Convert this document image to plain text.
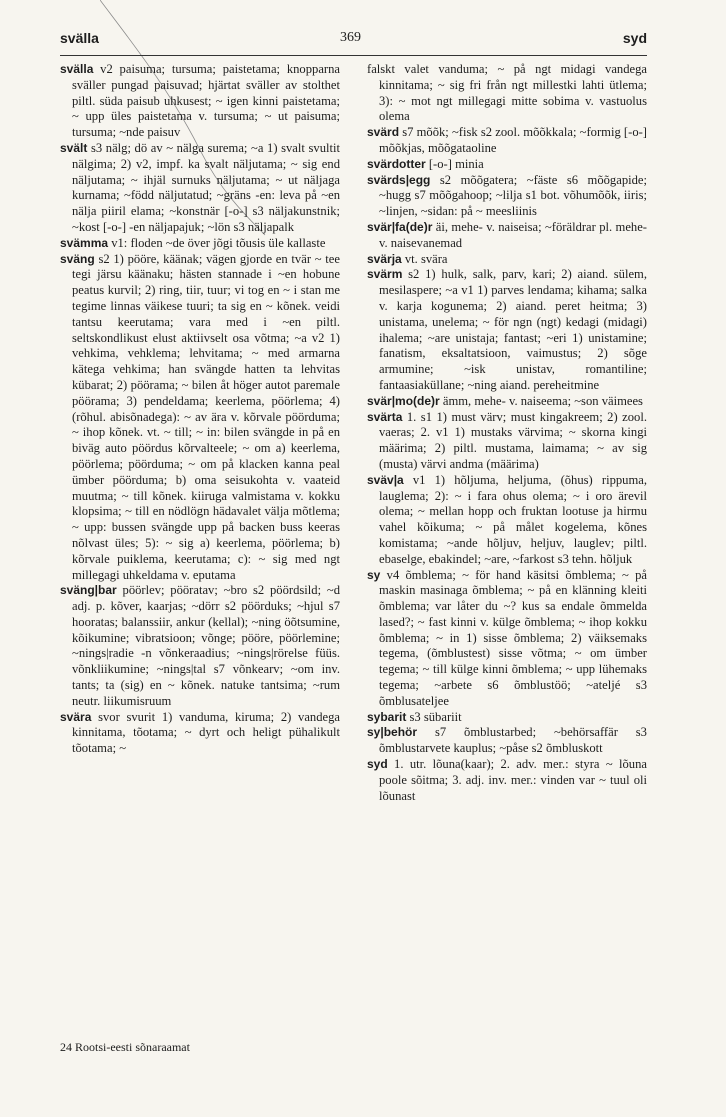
svälla	369	syd

svälla v2 paisuma; tursuma; paistetama; knopparna sväller pungad paisuvad; hjärtat sväller av stolthet piltl. süda paisub uhkusest; ~ igen kinni paistetama; ~ upp üles paistetama v. tursuma; ~ ut paisuma; tursuma; ~nde paisuv

svält s3 nälg; dö av ~ nälga surema; ~a 1) svalt svultit nälgima; 2) v2, impf. ka svalt näljutama; ~ sig end näljutama; ~ ihjäl surnuks näljutama; ~ ut näljaga kurnama; ~född näljutatud; ~gräns -en: leva på ~en nälja piiril elama; ~konstnär [-o-] s3 näljakunstnik; ~kost [-o-] -en näljapajuk; ~lön s3 näljapalk

svämma v1: floden ~de över jõgi tõusis üle kallaste

sväng s2 1) pööre, käänak; vägen gjorde en tvär ~ tee tegi järsu käänaku; hästen stannade i ~en hobune peatus kurvil; 2) ring, tiir, tuur; vi tog en ~ i stan me tegime linnas väikese tuuri; ta sig en ~ kõnek. veidi tantsu keerutama; vara med i ~en piltl. seltskondlikust elust aktiivselt osa võtma; ~a v2 1) vehkima, vehklema; lehvitama; ~ med armarna kätega vehkima; han svängde hatten ta lehvitas kübarat; 2) pöörama; ~ bilen åt höger autot paremale pöörama; 3) pendeldama; keerlema, pöörlema; 4) (rõhul. abisõnadega): ~ av ära v. kõrvale pöörduma; ~ ihop kõnek. vt. ~ till; ~ in: bilen svängde in på en biväg auto pöördus kõrvalteele; ~ om a) keerlema, pöörlema; pöörduma; ~ om på klacken kanna peal ümber pöörduma; b) oma seisukohta v. vaateid muutma; ~ till kõnek. kiiruga valmistama v. kokku klopsima; ~ till en nödlögn hädavalet välja mõtlema; ~ upp: bussen svängde upp på backen buss keeras nõlvast üles; 5): ~ sig a) keerlema, pöörlema; b) kõrvale puiklema, keerutama; c): ~ sig med ngt millegagi uhkeldama v. eputama

sväng|bar pöörlev; pööratav; ~bro s2 pöördsild; ~d adj. p. kõver, kaarjas; ~dörr s2 pöörduks; ~hjul s7 hooratas; balanssiir, ankur (kellal); ~ning öõtsumine, kõikumine; vibratsioon; võnge; pööre, pöörlemine; ~nings|radie -n võnkeraadius; ~nings|rörelse füüs. võnkliikumine; ~nings|tal s7 võnkearv; ~om inv. tants; ta (sig) en ~ kõnek. natuke tantsima; ~rum neutr. liikumisruum

svära svor svurit 1) vanduma, kiruma; 2) vandega kinnitama, tõotama; ~ dyrt och heligt pühalikult tõotama; ~

falskt valet vanduma; ~ på ngt midagi vandega kinnitama; ~ sig fri från ngt millestki lahti ütlema; 3): ~ mot ngt millegagi mitte sobima v. vastuolus olema

svärd s7 mõõk; ~fisk s2 zool. mõõkkala; ~formig [-o-] mõõkjas, mõõgataoline

svärdotter [-o-] minia

svärds|egg s2 mõõgatera; ~fäste s6 mõõgapide; ~hugg s7 mõõgahoop; ~lilja s1 bot. võhumõõk, iiris; ~linjen, ~sidan: på ~ meesliinis

svär|fa(de)r äi, mehe- v. naiseisa; ~föräldrar pl. mehe- v. naisevanemad

svärja vt. svära

svärm s2 1) hulk, salk, parv, kari; 2) aiand. sülem, mesilaspere; ~a v1 1) parves lendama; kihama; salka v. karja kogunema; 2) aiand. peret heitma; 3) unistama, unelema; ~ för ngn (ngt) kedagi (midagi) ihalema; ~are unistaja; fantast; ~eri 1) unistamine; fanatism, eksaltatsioon, vaimustus; 2) sõge armumine; ~isk unistav, romantiline; fantaasiaküllane; ~ning aiand. pereheitmine

svär|mo(de)r ämm, mehe- v. naiseema; ~son väimees

svärta 1. s1 1) must värv; must kingakreem; 2) zool. vaeras; 2. v1 1) mustaks värvima; ~ skorna kingi määrima; 2) piltl. mustama, laimama; ~ av sig (musta) värvi andma (määrima)

sväv|a v1 1) hõljuma, heljuma, (õhus) rippuma, lauglema; 2): ~ i fara ohus olema; ~ i oro ärevil olema; ~ mellan hopp och fruktan lootuse ja hirmu vahel kõikuma; ~ på målet kogelema, kõnes komistama; ~ande hõljuv, heljuv, lauglev; piltl. ebaselge, ebakindel; ~are, ~farkost s3 tehn. hõljuk

sy v4 õmblema; ~ för hand käsitsi õmblema; ~ på maskin masinaga õmblema; ~ på en klänning kleiti õmblema; var låter du ~? kus sa endale õmmelda lased?; ~ fast kinni v. külge õmblema; ~ ihop kokku õmblema; ~ in 1) sisse õmblema; 2) väiksemaks tegema, (õmblustest) sisse võtma; ~ om ümber tegema; ~ till külge kinni õmblema; ~ upp lühemaks tegema; ~arbete s6 õmblustöö; ~ateljé s3 õmblusateljee

sybarit s3 sübariit

sy|behör s7 õmblustarbed; ~behörsaffär s3 õmblustarvete kauplus; ~påse s2 õmbluskott

syd 1. utr. lõuna(kaar); 2. adv. mer.: styra ~ lõuna poole sõitma; 3. adj. inv. mer.: vinden var ~ tuul oli lõunast

24 Rootsi-eesti sõnaraamat
